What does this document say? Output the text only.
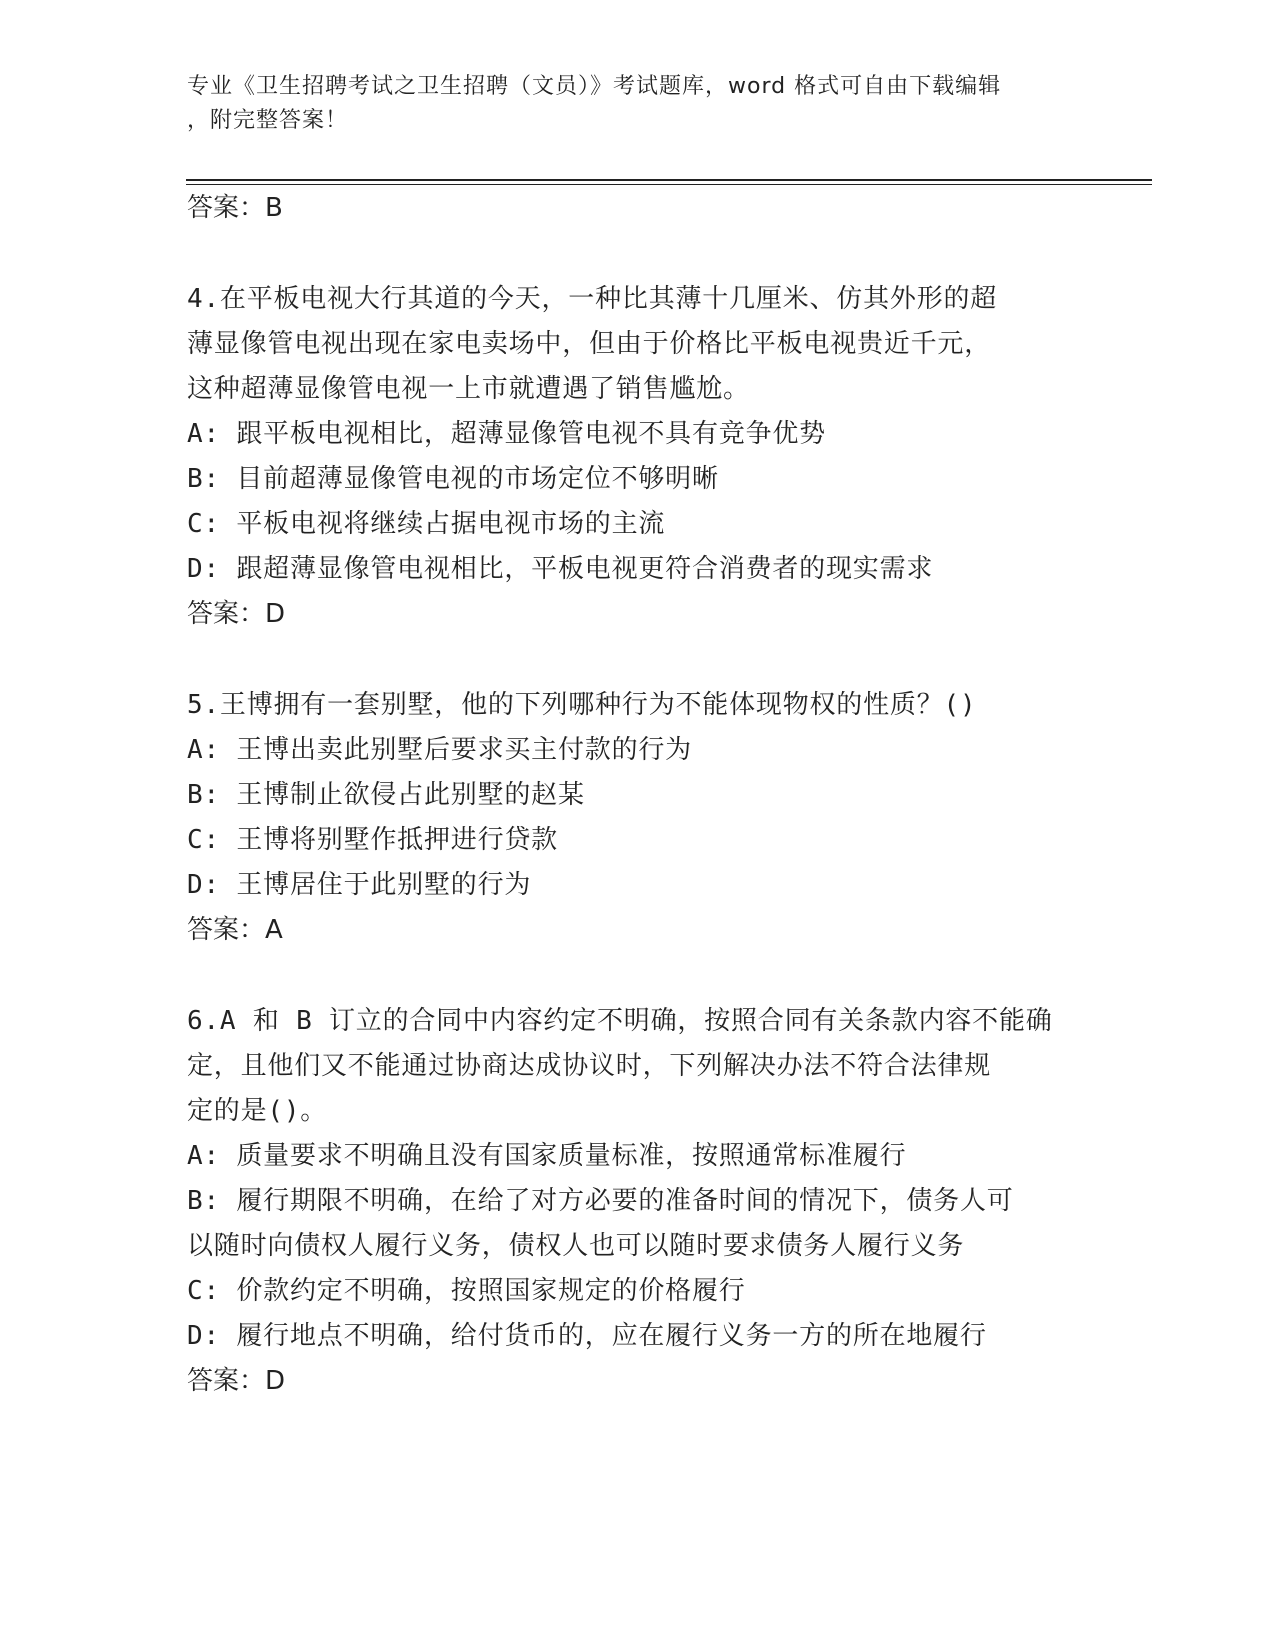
专业《卫生招聘考试之卫生招聘（文员）》考试题库，word 格式可自由下载编辑
，附完整答案！

答案：B

4.在平板电视大行其道的今天，一种比其薄十几厘米、仿其外形的超

薄显像管电视出现在家电卖场中，但由于价格比平板电视贵近千元，

这种超薄显像管电视一上市就遭遇了销售尴尬。

A: 跟平板电视相比，超薄显像管电视不具有竞争优势

B: 目前超薄显像管电视的市场定位不够明晰

C: 平板电视将继续占据电视市场的主流

D: 跟超薄显像管电视相比，平板电视更符合消费者的现实需求

答案：D

5.王博拥有一套别墅，他的下列哪种行为不能体现物权的性质？()

A: 王博出卖此别墅后要求买主付款的行为

B: 王博制止欲侵占此别墅的赵某

C: 王博将别墅作抵押进行贷款

D: 王博居住于此别墅的行为

答案：A

6.A 和 B 订立的合同中内容约定不明确，按照合同有关条款内容不能确

定，且他们又不能通过协商达成协议时，下列解决办法不符合法律规

定的是()。

A: 质量要求不明确且没有国家质量标准，按照通常标准履行

B: 履行期限不明确，在给了对方必要的准备时间的情况下，债务人可

以随时向债权人履行义务，债权人也可以随时要求债务人履行义务

C: 价款约定不明确，按照国家规定的价格履行

D: 履行地点不明确，给付货币的，应在履行义务一方的所在地履行

答案：D
